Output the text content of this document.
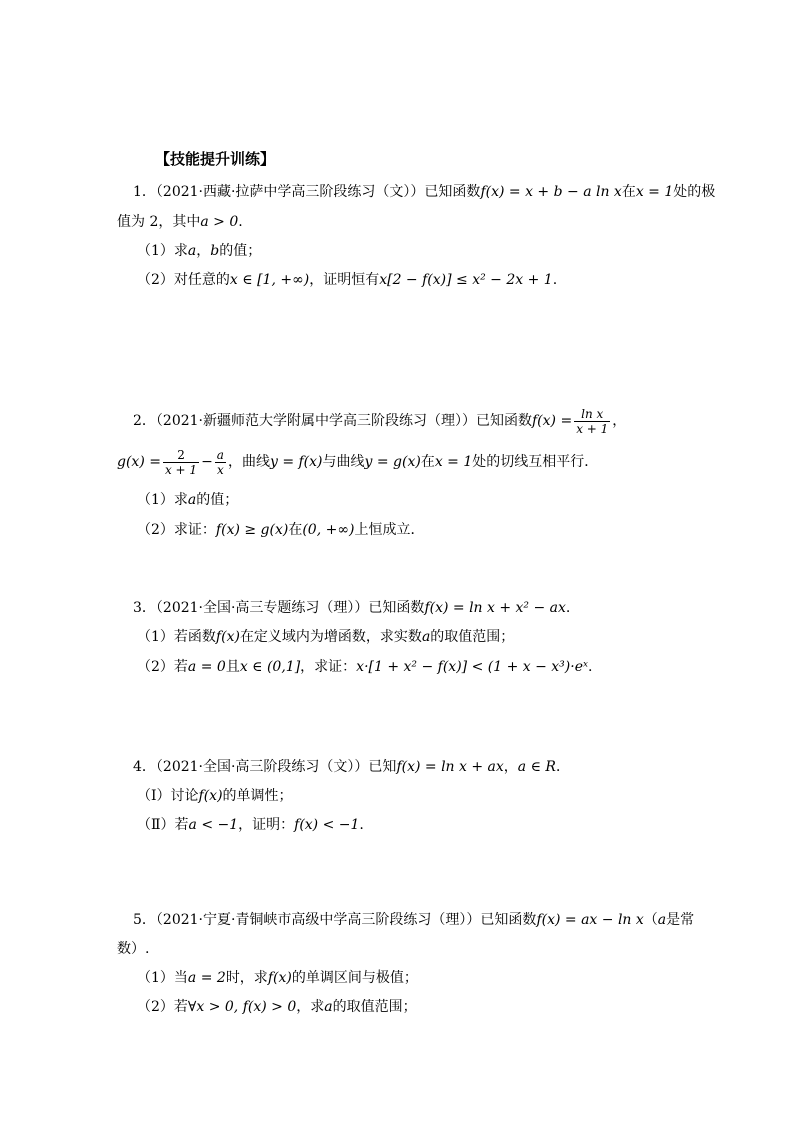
【技能提升训练】
1．（2021·西藏·拉萨中学高三阶段练习（文））已知函数f(x) = x + b − a ln x在x = 1处的极
值为 2，其中a > 0.
（1）求a，b的值；
（2）对任意的x ∈ [1, +∞)，证明恒有x[2 − f(x)] ≤ x² − 2x + 1.
2．（2021·新疆师范大学附属中学高三阶段练习（理））已知函数$f(x) = \frac{\text{ln x}}{x + 1}$ ，
$g(x) = \frac{2}{x + 1} - \frac{a}{x}$ ，曲线y = f(x)与曲线y = g(x)在x = 1处的切线互相平行．
（1）求a的值；
（2）求证：f(x) ≥ g(x)在(0, +∞)上恒成立．
3．（2021·全国·高三专题练习（理））已知函数f(x) = ln x + x² − ax.
（1）若函数f(x)在定义域内为增函数，求实数a的取值范围；
（2）若a = 0且x ∈ (0,1]，求证：x·[1 + x² − f(x)] < (1 + x − x³)·eˣ.
4．（2021·全国·高三阶段练习（文））已知f(x) = ln x + ax，a ∈ R．
（Ⅰ）讨论f(x)的单调性；
（Ⅱ）若a < −1，证明：f(x) < −1.
5．（2021·宁夏·青铜峡市高级中学高三阶段练习（理））已知函数f(x) = ax − ln x（a是常
数）.
（1）当a = 2时，求f(x)的单调区间与极值；
（2）若∀x > 0, f(x) > 0，求a的取值范围；
